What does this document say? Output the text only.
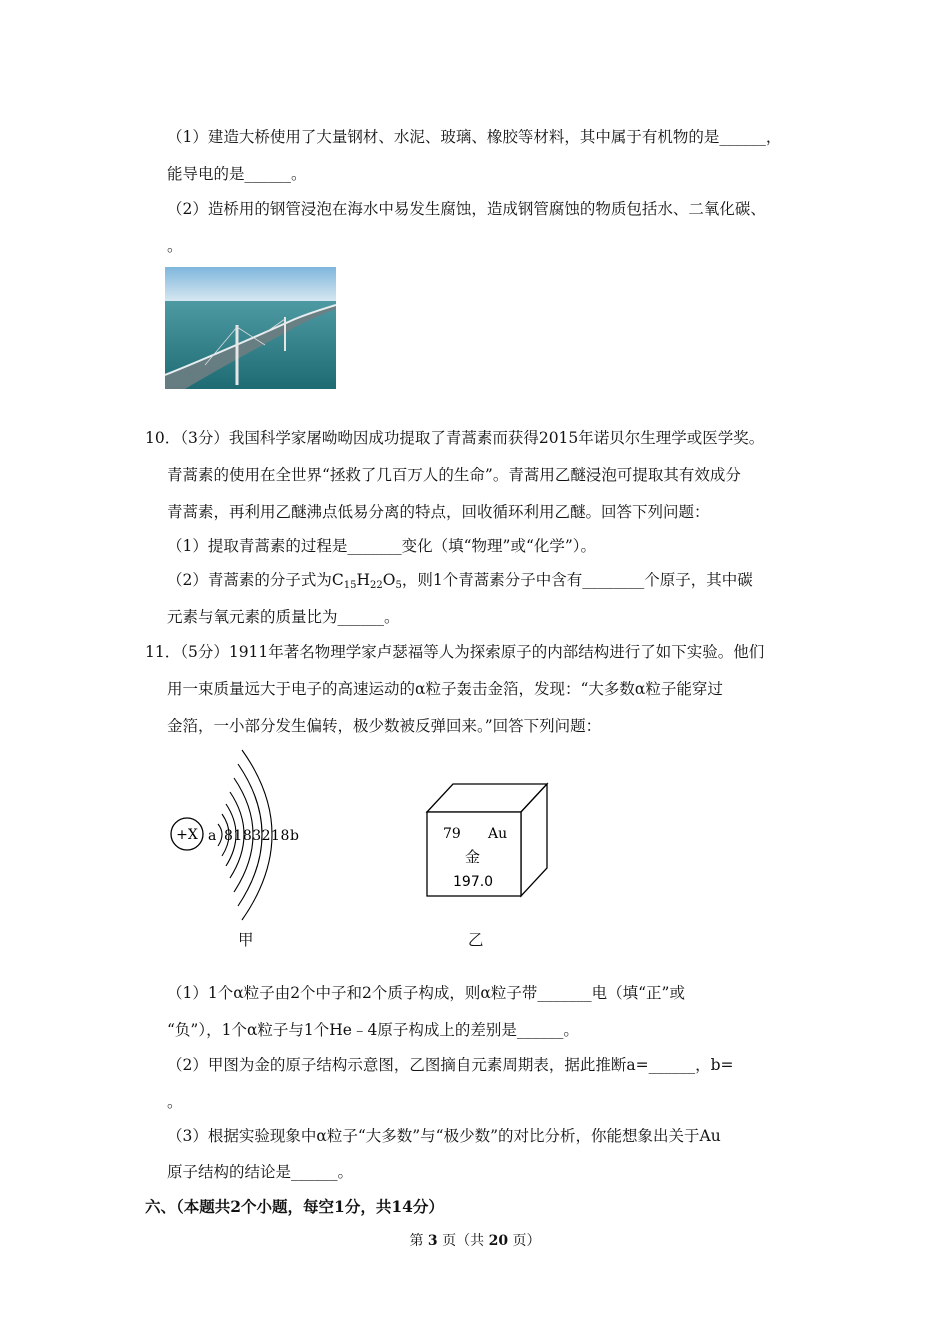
（1）建造大桥使用了大量钢材、水泥、玻璃、橡胶等材料，其中属于有机物的是______，
能导电的是______。
（2）造桥用的钢管浸泡在海水中易发生腐蚀，造成钢管腐蚀的物质包括水、二氧化碳、
。
10．（3分）我国科学家屠呦呦因成功提取了青蒿素而获得2015年诺贝尔生理学或医学奖。
青蒿素的使用在全世界“拯救了几百万人的生命”。青蒿用乙醚浸泡可提取其有效成分
青蒿素，再利用乙醚沸点低易分离的特点，回收循环利用乙醚。回答下列问题：
（1）提取青蒿素的过程是_______变化（填“物理”或“化学”）。
（2）青蒿素的分子式为$C_{15}H_{22}O_5$，则1个青蒿素分子中含有________个原子，其中碳
元素与氧元素的质量比为______。
11．（5分）1911年著名物理学家卢瑟福等人为探索原子的内部结构进行了如下实验。他们
用一束质量远大于电子的高速运动的α粒子轰击金箔，发现：“大多数α粒子能穿过
金箔，一小部分发生偏转，极少数被反弹回来。”回答下列问题：
+X a 8183218 b
甲
79 Au
金
197.0
乙
（1）1个α粒子由2个中子和2个质子构成，则α粒子带_______电（填“正”或
“负”），1个α粒子与1个He﹣4原子构成上的差别是______。
（2）甲图为金的原子结构示意图，乙图摘自元素周期表，据此推断a=______，b=
。
（3）根据实验现象中α粒子“大多数”与“极少数”的对比分析，你能想象出关于Au
原子结构的结论是______。
六、（本题共2个小题，每空1分，共14分）
第 3 页（共 20 页）
